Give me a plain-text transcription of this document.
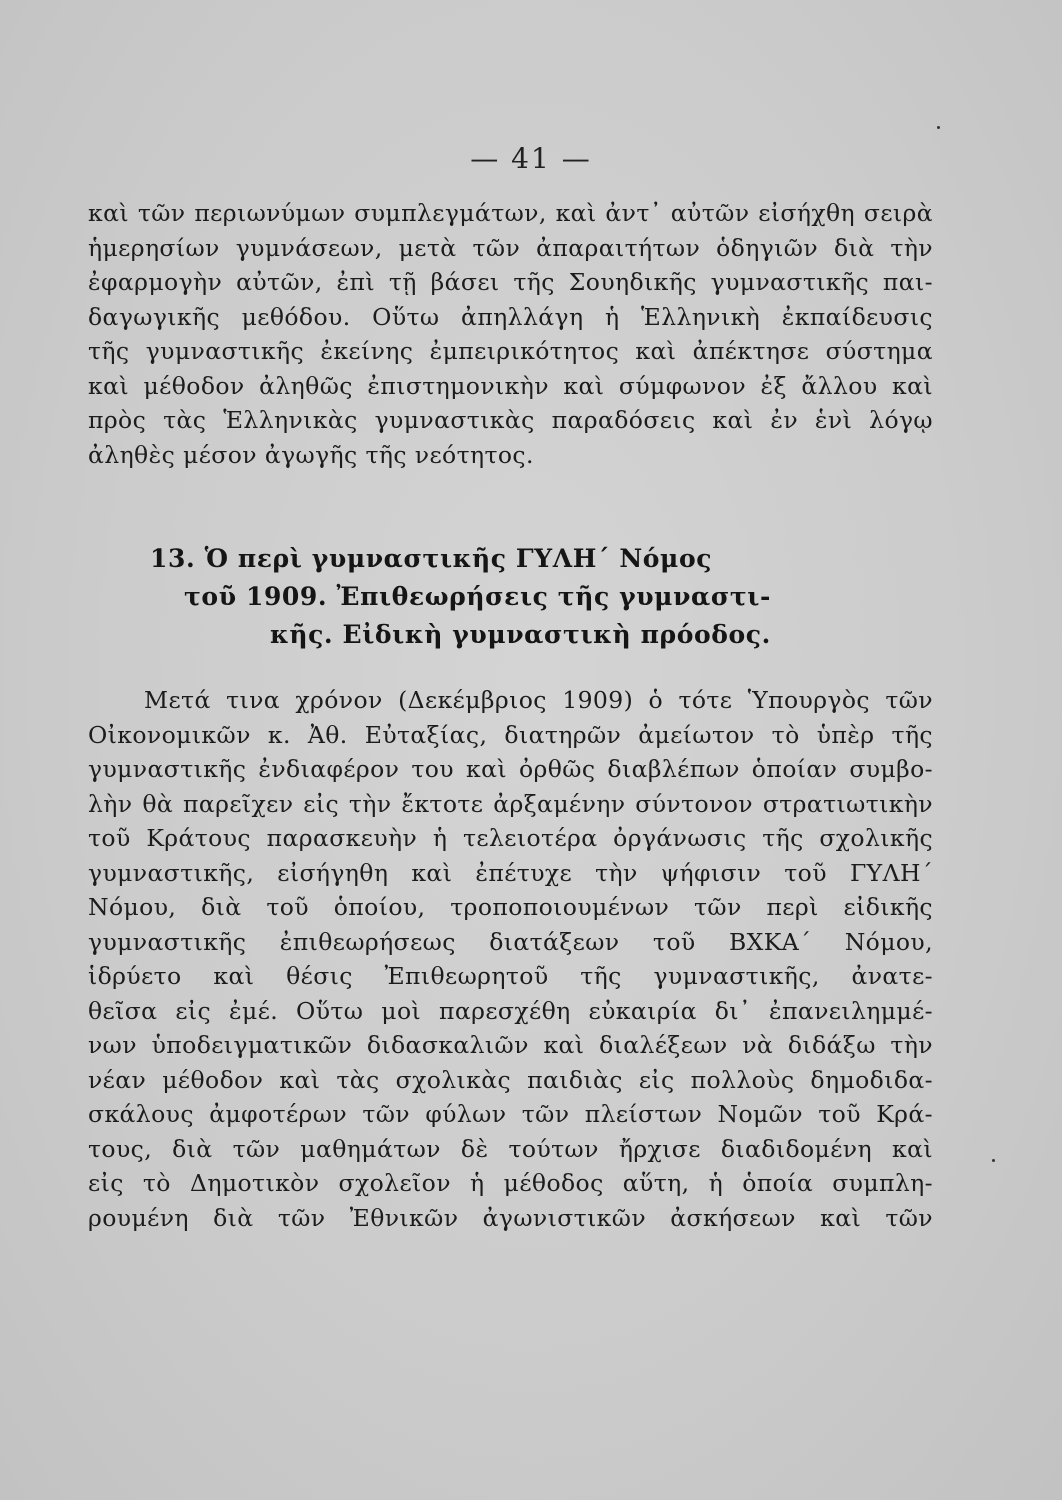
— 41 —
καὶ τῶν περιωνύμων συμπλεγμάτων, καὶ ἀντ᾽ αὐτῶν εἰσήχθη σειρὰ
ἡμερησίων γυμνάσεων, μετὰ τῶν ἀπαραιτήτων ὁδηγιῶν διὰ τὴν
ἐφαρμογὴν αὐτῶν, ἐπὶ τῇ βάσει τῆς Σουηδικῆς γυμναστικῆς παι-
δαγωγικῆς μεθόδου. Οὕτω ἀπηλλάγη ἡ Ἑλληνικὴ ἐκπαίδευσις
τῆς γυμναστικῆς ἐκείνης ἐμπειρικότητος καὶ ἀπέκτησε σύστημα
καὶ μέθοδον ἀληθῶς ἐπιστημονικὴν καὶ σύμφωνον ἐξ ἄλλου καὶ
πρὸς τὰς Ἑλληνικὰς γυμναστικὰς παραδόσεις καὶ ἐν ἑνὶ λόγῳ
ἀληθὲς μέσον ἀγωγῆς τῆς νεότητος.
13. Ὁ περὶ γυμναστικῆς ΓΥΛΗ΄ Νόμος
τοῦ 1909. Ἐπιθεωρήσεις τῆς γυμναστι-
κῆς. Εἰδικὴ γυμναστικὴ πρόοδος.
Μετά τινα χρόνον (Δεκέμβριος 1909) ὁ τότε Ὑπουργὸς τῶν
Οἰκονομικῶν κ. Ἀθ. Εὐταξίας, διατηρῶν ἀμείωτον τὸ ὑπὲρ τῆς
γυμναστικῆς ἐνδιαφέρον του καὶ ὀρθῶς διαβλέπων ὁποίαν συμβο-
λὴν θὰ παρεῖχεν εἰς τὴν ἔκτοτε ἀρξαμένην σύντονον στρατιωτικὴν
τοῦ Κράτους παρασκευὴν ἡ τελειοτέρα ὀργάνωσις τῆς σχολικῆς
γυμναστικῆς, εἰσήγηθη καὶ ἐπέτυχε τὴν ψήφισιν τοῦ ΓΥΛΗ΄
Νόμου, διὰ τοῦ ὁποίου, τροποποιουμένων τῶν περὶ εἰδικῆς
γυμναστικῆς ἐπιθεωρήσεως διατάξεων τοῦ ΒΧΚΑ΄ Νόμου,
ἱδρύετο καὶ θέσις Ἐπιθεωρητοῦ τῆς γυμναστικῆς, ἀνατε-
θεῖσα εἰς ἐμέ. Οὕτω μοὶ παρεσχέθη εὐκαιρία δι᾽ ἐπανειλημμέ-
νων ὑποδειγματικῶν διδασκαλιῶν καὶ διαλέξεων νὰ διδάξω τὴν
νέαν μέθοδον καὶ τὰς σχολικὰς παιδιὰς εἰς πολλοὺς δημοδιδα-
σκάλους ἀμφοτέρων τῶν φύλων τῶν πλείστων Νομῶν τοῦ Κρά-
τους, διὰ τῶν μαθημάτων δὲ τούτων ἤρχισε διαδιδομένη καὶ
εἰς τὸ Δημοτικὸν σχολεῖον ἡ μέθοδος αὕτη, ἡ ὁποία συμπλη-
ρουμένη διὰ τῶν Ἐθνικῶν ἀγωνιστικῶν ἀσκήσεων καὶ τῶν
